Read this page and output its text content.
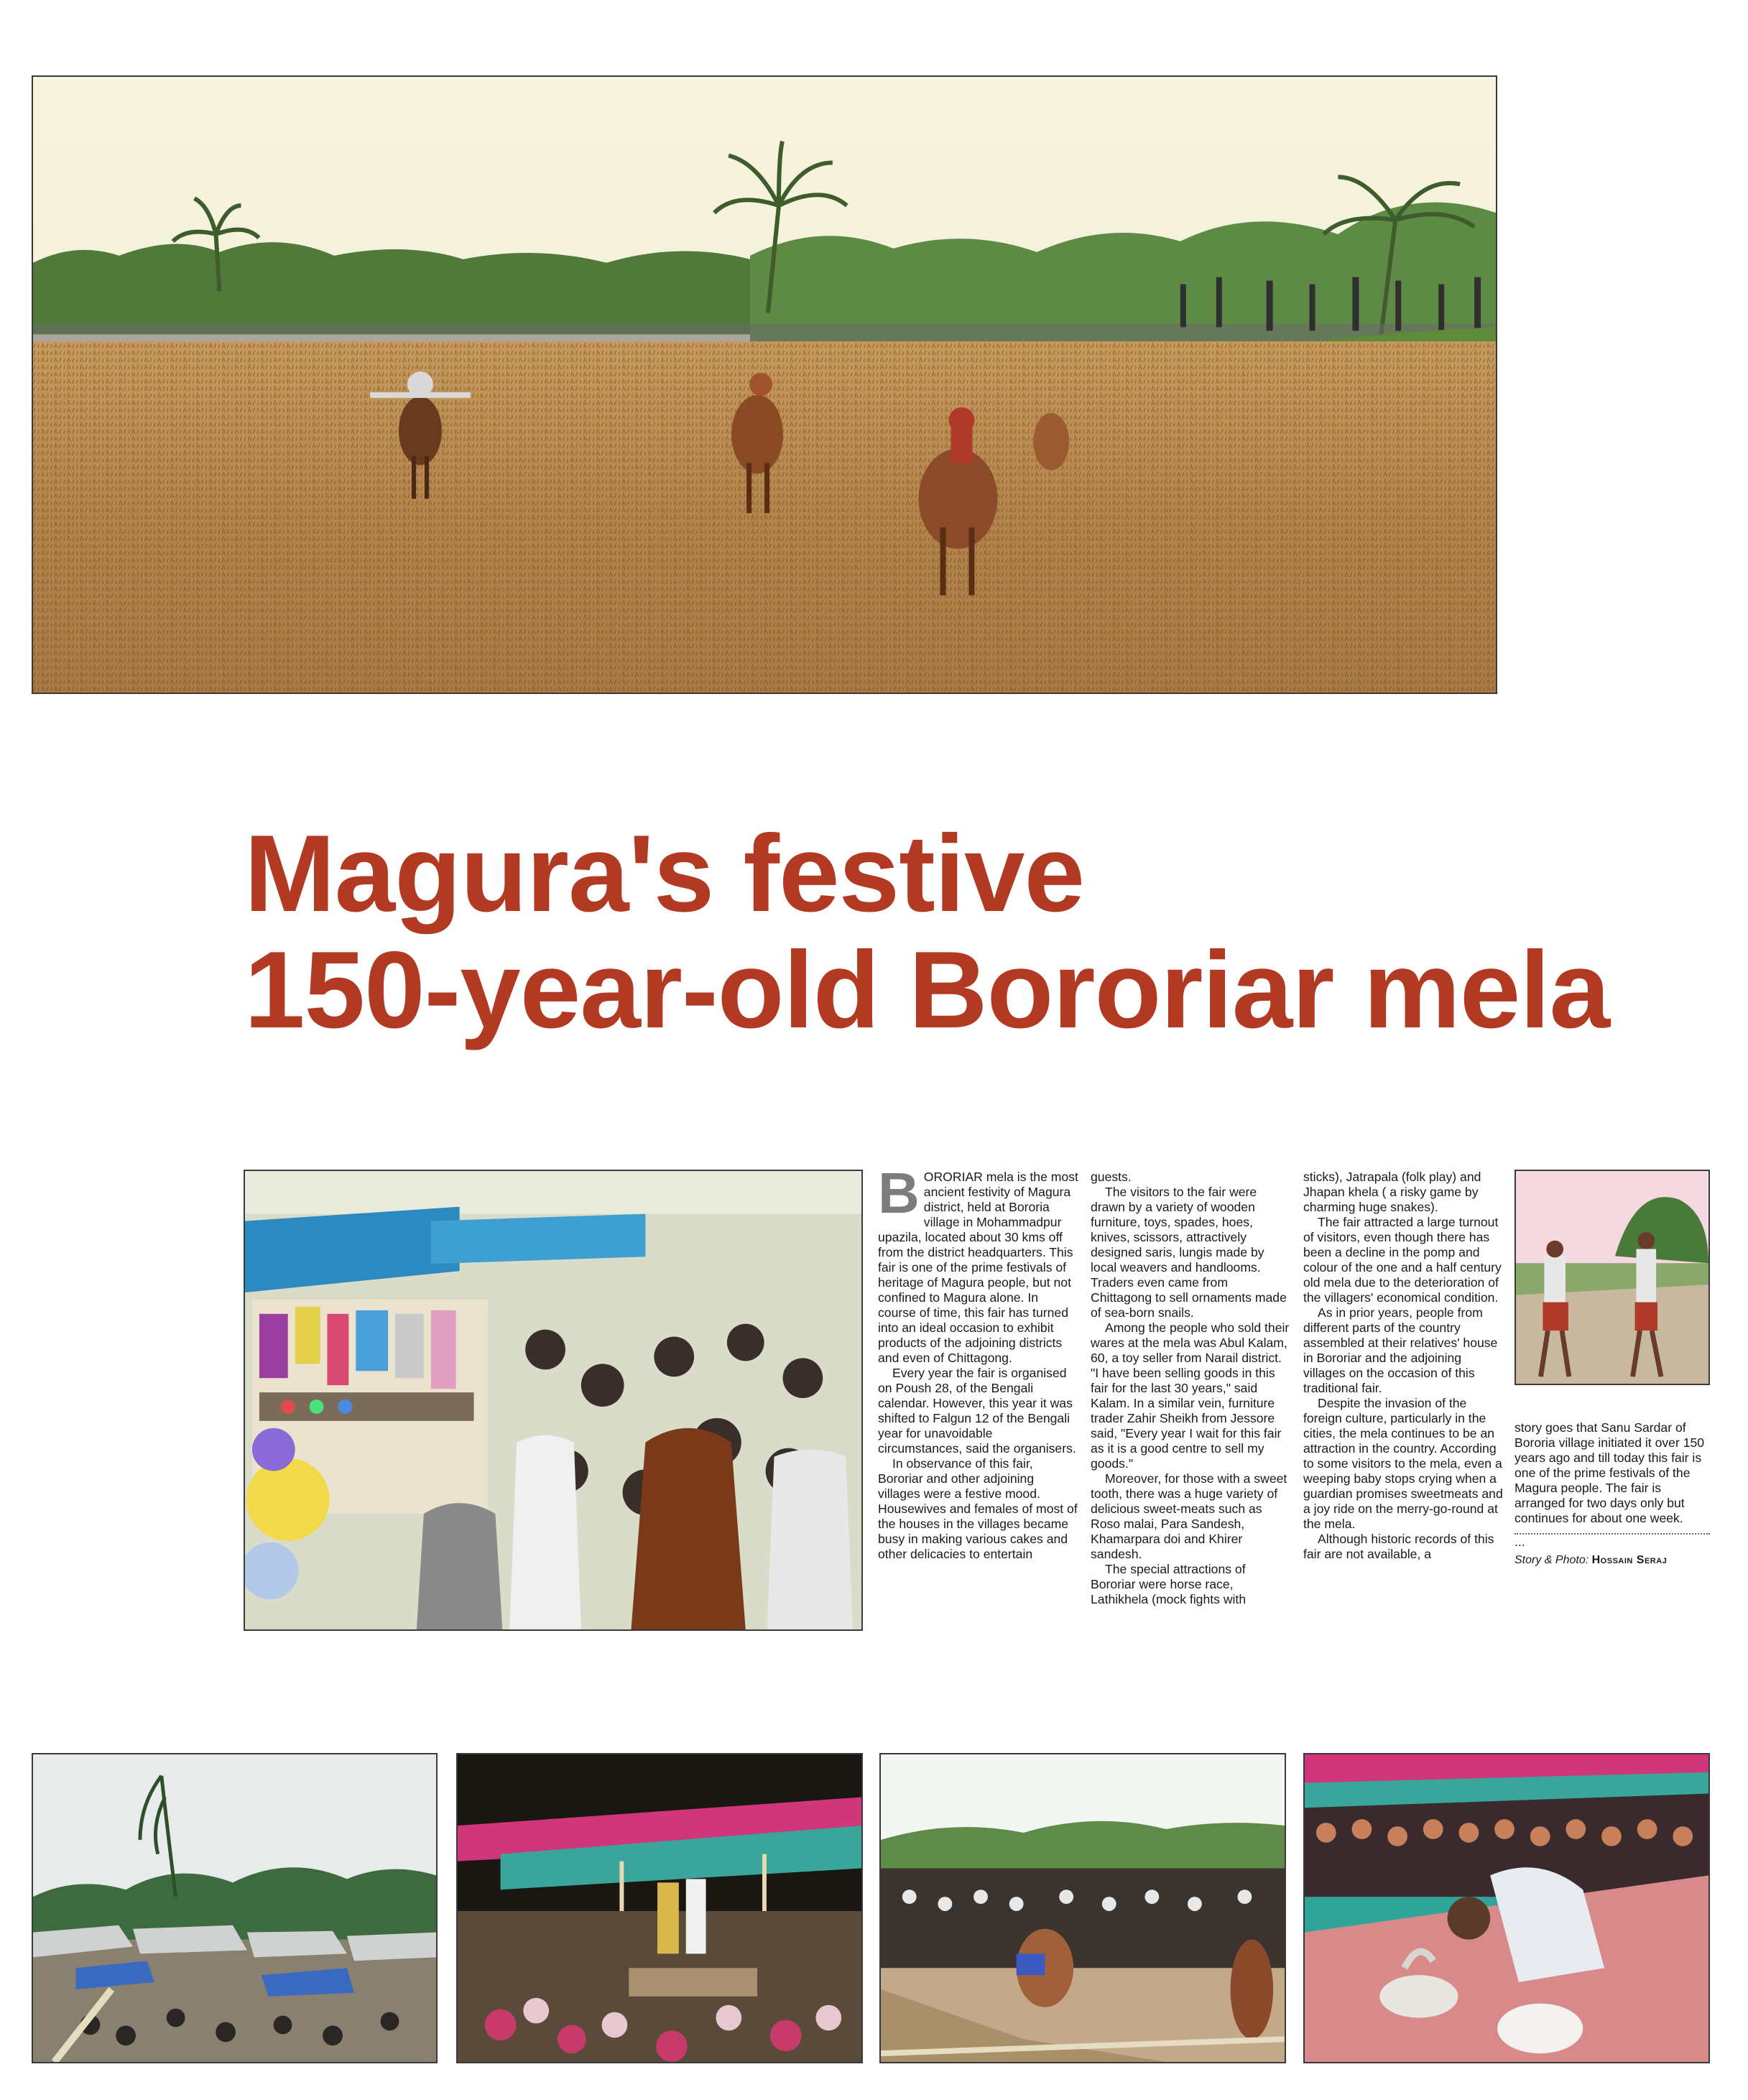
Magura's festive
150-year-old Bororiar mela
B ORORIAR mela is the most ancient festivity of Magura district, held at Bororia village in Mohammadpur upazila, located about 30 kms off from the district headquarters. This fair is one of the prime festivals of heritage of Magura people, but not confined to Magura alone. In course of time, this fair has turned into an ideal occasion to exhibit products of the adjoining districts and even of Chittagong.

Every year the fair is organised on Poush 28, of the Bengali calendar. However, this year it was shifted to Falgun 12 of the Bengali year for unavoidable circumstances, said the organisers.

In observance of this fair, Bororiar and other adjoining villages were a festive mood. Housewives and females of most of the houses in the villages became busy in making various cakes and other delicacies to entertain

guests.

The visitors to the fair were drawn by a variety of wooden furniture, toys, spades, hoes, knives, scissors, attractively designed saris, lungis made by local weavers and handlooms. Traders even came from Chittagong to sell ornaments made of sea-born snails.

Among the people who sold their wares at the mela was Abul Kalam, 60, a toy seller from Narail district. "I have been selling goods in this fair for the last 30 years," said Kalam. In a similar vein, furniture trader Zahir Sheikh from Jessore said, "Every year I wait for this fair as it is a good centre to sell my goods."

Moreover, for those with a sweet tooth, there was a huge variety of delicious sweet-meats such as Roso malai, Para Sandesh, Khamarpara doi and Khirer sandesh.

The special attractions of Bororiar were horse race, Lathikhela (mock fights with

sticks), Jatrapala (folk play) and Jhapan khela ( a risky game by charming huge snakes).

The fair attracted a large turnout of visitors, even though there has been a decline in the pomp and colour of the one and a half century old mela due to the deterioration of the villagers' economical condition.

As in prior years, people from different parts of the country assembled at their relatives' house in Bororiar and the adjoining villages on the occasion of this traditional fair.

Despite the invasion of the foreign culture, particularly in the cities, the mela continues to be an attraction in the country. According to some visitors to the mela, even a weeping baby stops crying when a guardian promises sweetmeats and a joy ride on the merry-go-round at the mela.

Although historic records of this fair are not available, a

story goes that Sanu Sardar of Bororia village initiated it over 150 years ago and till today this fair is one of the prime festivals of the Magura people. The fair is arranged for two days only but continues for about one week.

...
Story & Photo: Hossain Seraj
